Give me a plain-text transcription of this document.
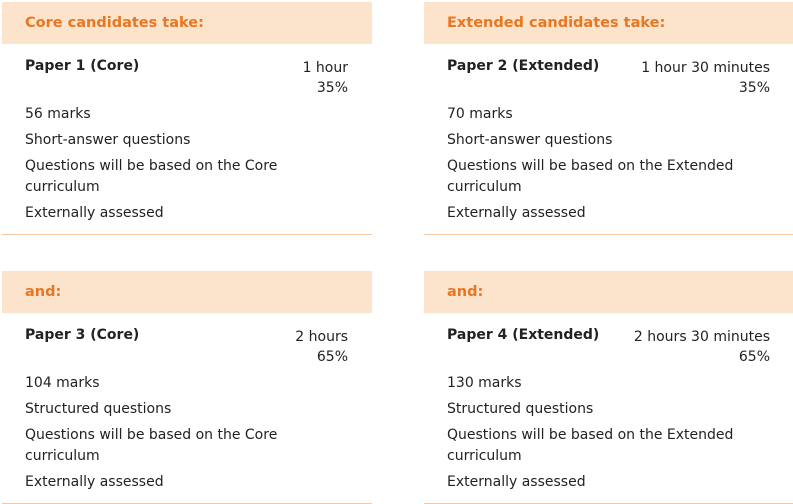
Core candidates take:
Paper 1 (Core)	1 hour
35%
56 marks
Short-answer questions
Questions will be based on the Core curriculum
Externally assessed
Extended candidates take:
Paper 2 (Extended)	1 hour 30 minutes
35%
70 marks
Short-answer questions
Questions will be based on the Extended curriculum
Externally assessed
and:
Paper 3 (Core)	2 hours
65%
104 marks
Structured questions
Questions will be based on the Core curriculum
Externally assessed
and:
Paper 4 (Extended) 2 hours 30 minutes
65%
130 marks
Structured questions
Questions will be based on the Extended curriculum
Externally assessed
